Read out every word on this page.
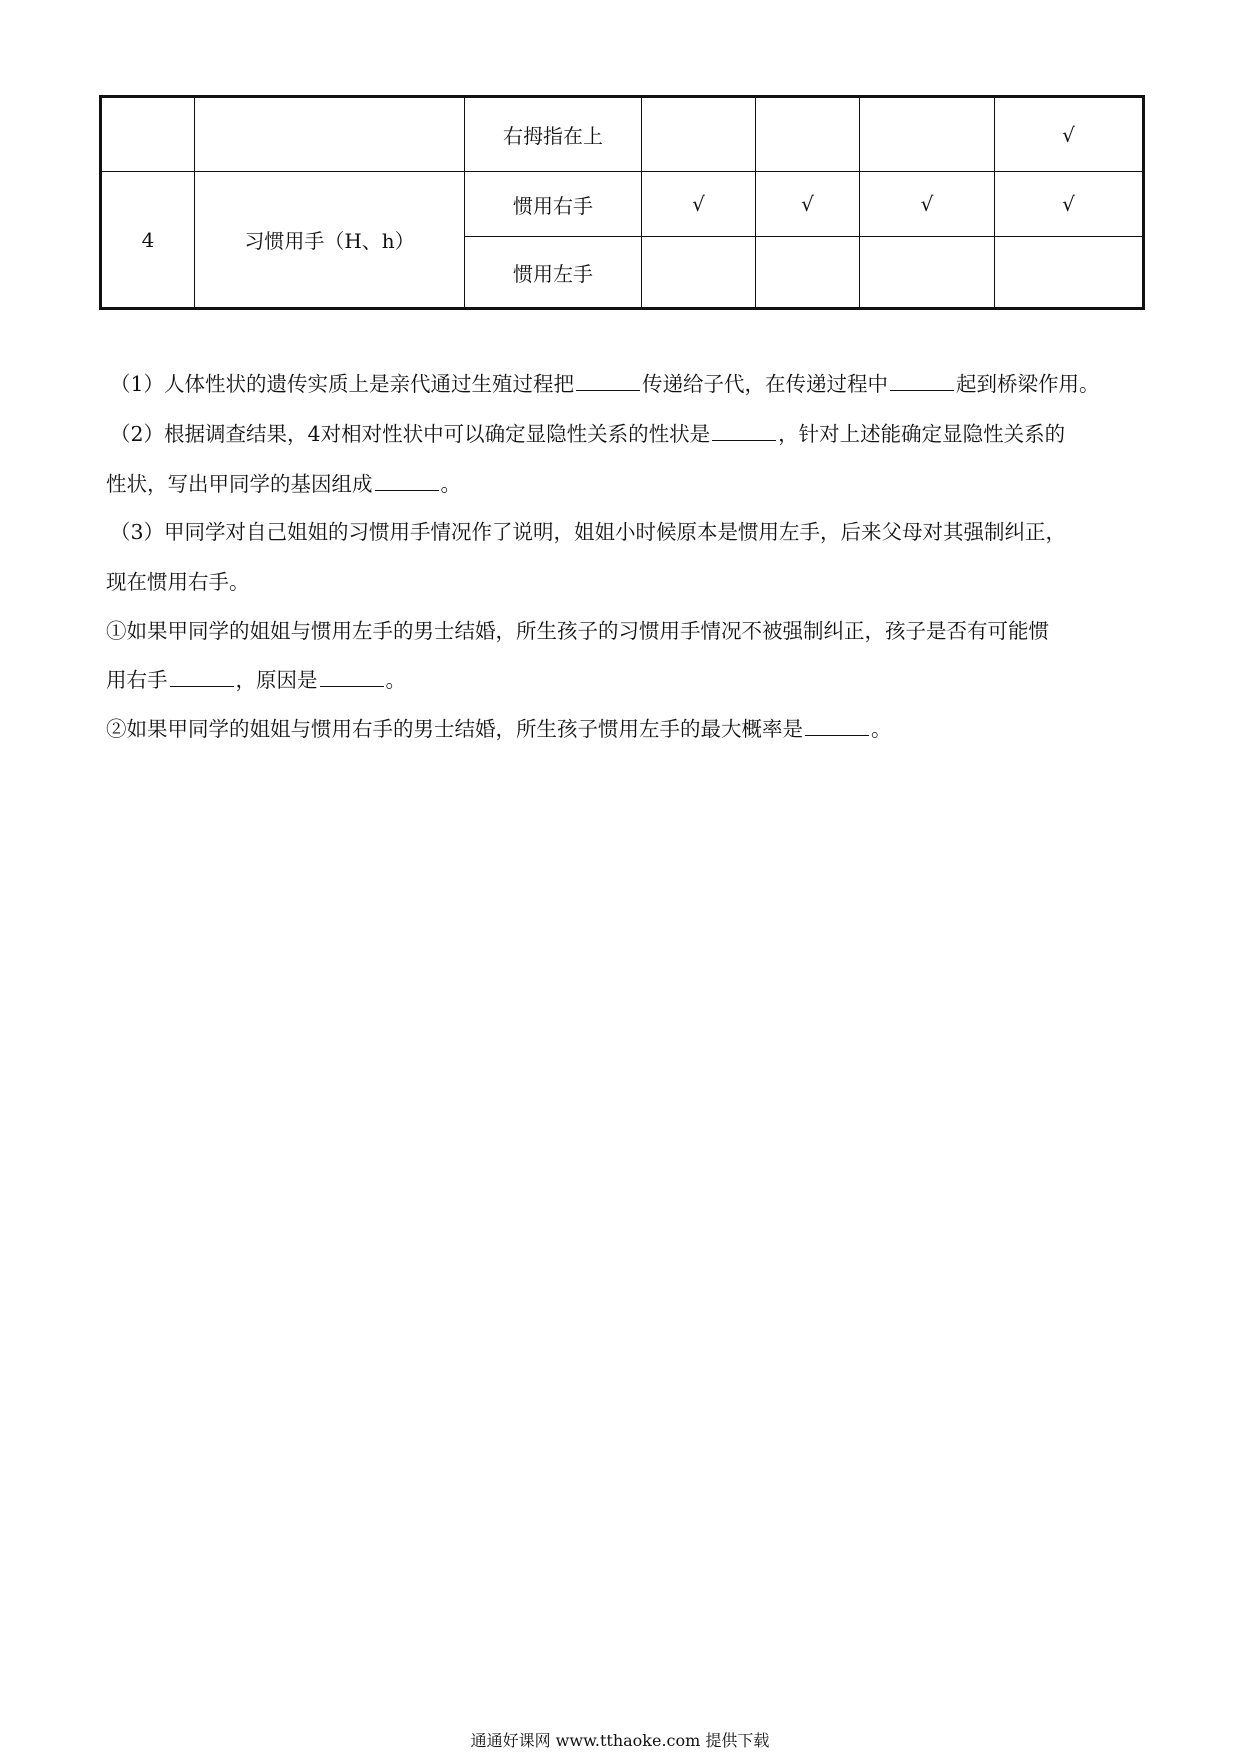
		右拇指在上				√
4	习惯用手（H、h）	惯用右手	√	√	√	√
		惯用左手				
（1）人体性状的遗传实质上是亲代通过生殖过程把	传递给子代，在传递过程中	起到桥梁作用。
（2）根据调查结果，4对相对性状中可以确定显隐性关系的性状是	，针对上述能确定显隐性关系的
性状，写出甲同学的基因组成	。
（3）甲同学对自己姐姐的习惯用手情况作了说明，姐姐小时候原本是惯用左手，后来父母对其强制纠正，
现在惯用右手。
①如果甲同学的姐姐与惯用左手的男士结婚，所生孩子的习惯用手情况不被强制纠正，孩子是否有可能惯
用右手	，原因是	。
②如果甲同学的姐姐与惯用右手的男士结婚，所生孩子惯用左手的最大概率是	。
通通好课网 www.tthaoke.com 提供下载
